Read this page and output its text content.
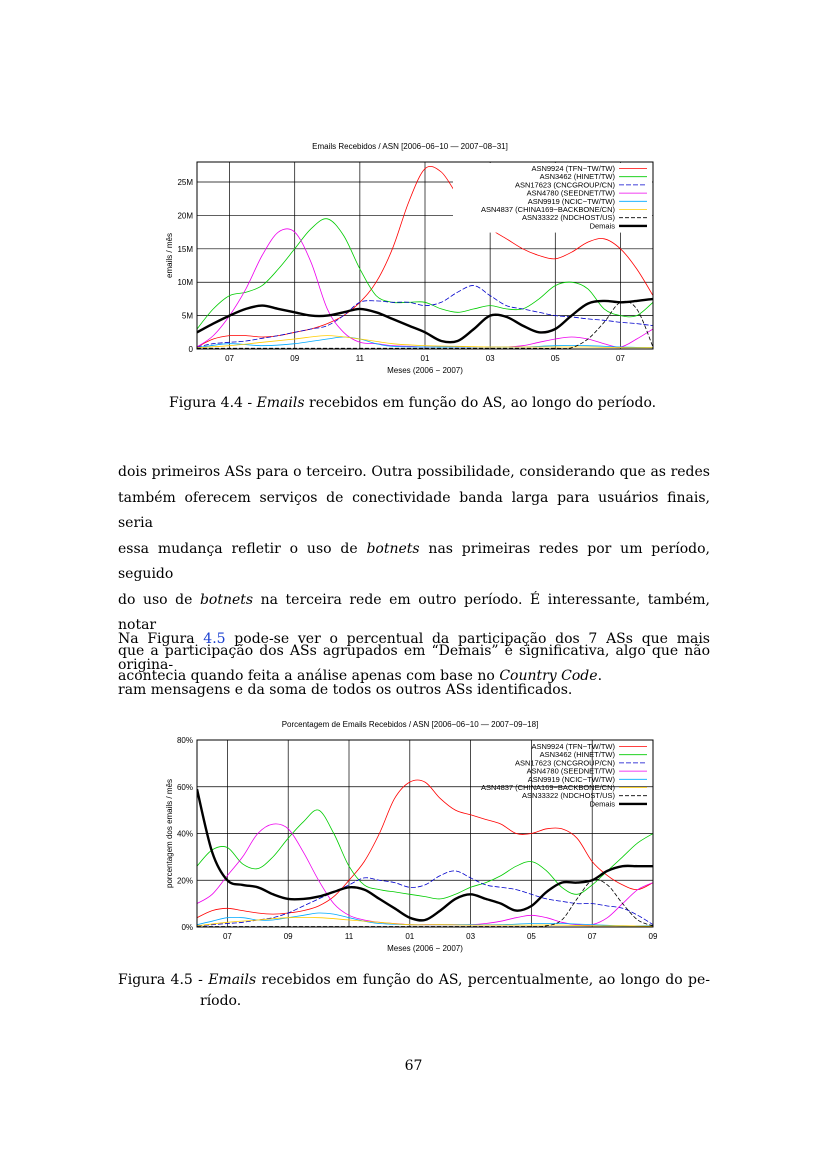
Emails Recebidos / ASN [2006−06−10 — 2007−08−31]
07	09	11	01	03	05	07
0
5M
10M
15M
20M
25M
ASN9924 (TFN−TW/TW)
ASN3462 (HINET/TW)
ASN17623 (CNCGROUP/CN)
ASN4780 (SEEDNET/TW)
ASN9919 (NCIC−TW/TW)
ASN4837 (CHINA169−BACKBONE/CN)
ASN33322 (NDCHOST/US)
Demais
Meses (2006 − 2007)
emails / mês
Figura 4.4 - Emails recebidos em função do AS, ao longo do período.
dois primeiros ASs para o terceiro. Outra possibilidade, considerando que as redes
também oferecem serviços de conectividade banda larga para usuários finais, seria
essa mudança refletir o uso de botnets nas primeiras redes por um período, seguido
do uso de botnets na terceira rede em outro período. É interessante, também, notar
que a participação dos ASs agrupados em “Demais” é significativa, algo que não
acontecia quando feita a análise apenas com base no Country Code.
Na Figura 4.5 pode-se ver o percentual da participação dos 7 ASs que mais origina-
ram mensagens e da soma de todos os outros ASs identificados.
Porcentagem de Emails Recebidos / ASN [2006−06−10 — 2007−09−18]
07	09	11	01	03	05	07	09
0%
20%
40%
60%
80%
ASN9924 (TFN−TW/TW)
ASN3462 (HINET/TW)
ASN17623 (CNCGROUP/CN)
ASN4780 (SEEDNET/TW)
ASN9919 (NCIC−TW/TW)
ASN4837 (CHINA169−BACKBONE/CN)
ASN33322 (NDCHOST/US)
Demais
Meses (2006 − 2007)
porcentagem dos emails / mês
Figura 4.5 - Emails recebidos em função do AS, percentualmente, ao longo do pe-
ríodo.
67
